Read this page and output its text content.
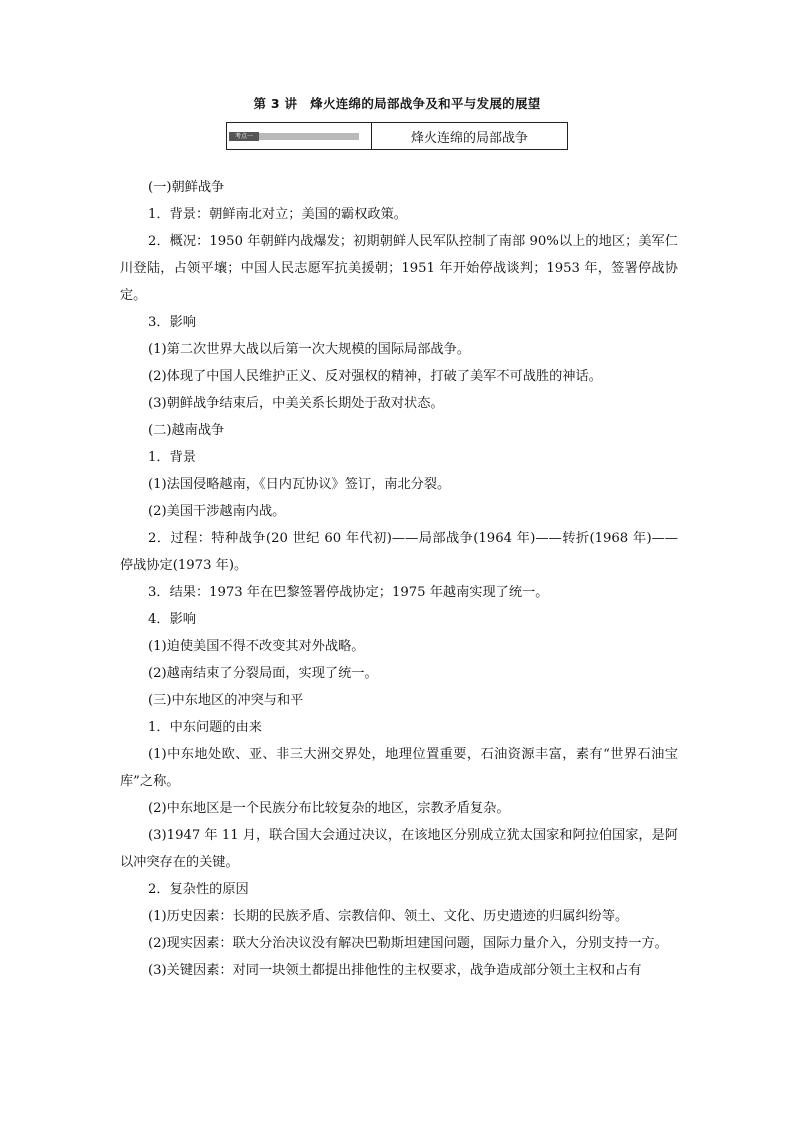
第 3 讲　烽火连绵的局部战争及和平与发展的展望
考点一	烽火连绵的局部战争

(一)朝鲜战争

1．背景：朝鲜南北对立；美国的霸权政策。

2．概况：1950 年朝鲜内战爆发；初期朝鲜人民军队控制了南部 90%以上的地区；美军仁川登陆，占领平壤；中国人民志愿军抗美援朝；1951 年开始停战谈判；1953 年，签署停战协定。

3．影响

(1)第二次世界大战以后第一次大规模的国际局部战争。

(2)体现了中国人民维护正义、反对强权的精神，打破了美军不可战胜的神话。

(3)朝鲜战争结束后，中美关系长期处于敌对状态。

(二)越南战争

1．背景

(1)法国侵略越南，《日内瓦协议》签订，南北分裂。

(2)美国干涉越南内战。

2．过程：特种战争(20 世纪 60 年代初)——局部战争(1964 年)——转折(1968 年)——停战协定(1973 年)。

3．结果：1973 年在巴黎签署停战协定；1975 年越南实现了统一。

4．影响

(1)迫使美国不得不改变其对外战略。

(2)越南结束了分裂局面，实现了统一。

(三)中东地区的冲突与和平

1．中东问题的由来

(1)中东地处欧、亚、非三大洲交界处，地理位置重要，石油资源丰富，素有“世界石油宝库”之称。

(2)中东地区是一个民族分布比较复杂的地区，宗教矛盾复杂。

(3)1947 年 11 月，联合国大会通过决议，在该地区分别成立犹太国家和阿拉伯国家，是阿以冲突存在的关键。

2．复杂性的原因

(1)历史因素：长期的民族矛盾、宗教信仰、领土、文化、历史遗迹的归属纠纷等。

(2)现实因素：联大分治决议没有解决巴勒斯坦建国问题，国际力量介入，分别支持一方。

(3)关键因素：对同一块领土都提出排他性的主权要求，战争造成部分领土主权和占有
